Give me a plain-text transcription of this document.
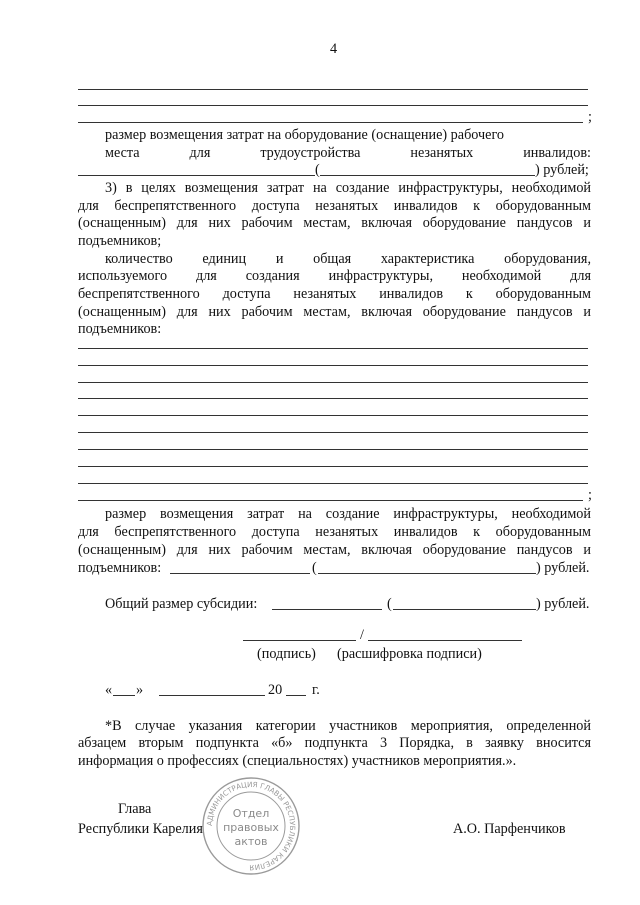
4
;
размер возмещения затрат на оборудование (оснащение) рабочего
места	для	трудоустройства	незанятых	инвалидов:
(	) рублей;
3) в целях возмещения затрат на создание инфраструктуры, необходимой
для беспрепятственного доступа незанятых инвалидов к оборудованным
(оснащенным) для них рабочим местам, включая оборудование пандусов и
подъемников;
количество единиц и общая характеристика оборудования,
используемого для создания инфраструктуры, необходимой для
беспрепятственного доступа незанятых инвалидов к оборудованным
(оснащенным) для них рабочим местам, включая оборудование пандусов и
подъемников:
;
размер возмещения затрат на создание инфраструктуры, необходимой
для беспрепятственного доступа незанятых инвалидов к оборудованным
(оснащенным) для них рабочим местам, включая оборудование пандусов и
подъемников:	(	) рублей.
Общий размер субсидии:	(	) рублей.
/
(подпись) (расшифровка подписи)
« »	20 г.
*В случае указания категории участников мероприятия, определенной
абзацем вторым подпункта «б» подпункта 3 Порядка, в заявку вносится
информация о профессиях (специальностях) участников мероприятия.».
Глава
Республики Карелия	А.О. Парфенчиков
АДМИНИСТРАЦИЯ ГЛАВЫ РЕСПУБЛИКИ КАРЕЛИЯ
Отдел
правовых
актов
